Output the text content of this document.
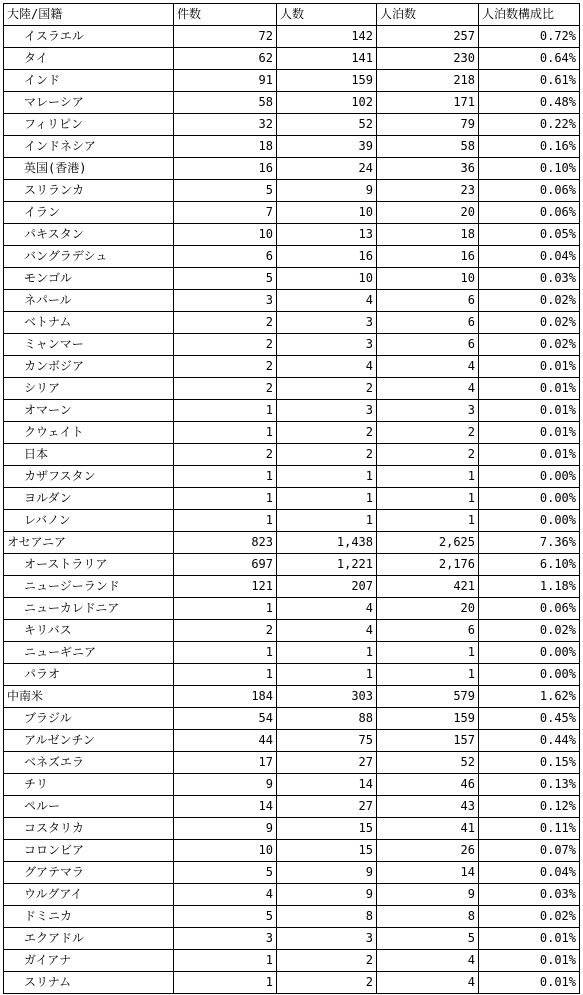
大陸/国籍	件数	人数	人泊数	人泊数構成比
イスラエル	72	142	257	0.72%
タイ	62	141	230	0.64%
インド	91	159	218	0.61%
マレーシア	58	102	171	0.48%
フィリピン	32	52	79	0.22%
インドネシア	18	39	58	0.16%
英国(香港)	16	24	36	0.10%
スリランカ	5	9	23	0.06%
イラン	7	10	20	0.06%
パキスタン	10	13	18	0.05%
バングラデシュ	6	16	16	0.04%
モンゴル	5	10	10	0.03%
ネパール	3	4	6	0.02%
ベトナム	2	3	6	0.02%
ミャンマー	2	3	6	0.02%
カンボジア	2	4	4	0.01%
シリア	2	2	4	0.01%
オマーン	1	3	3	0.01%
クウェイト	1	2	2	0.01%
日本	2	2	2	0.01%
カザフスタン	1	1	1	0.00%
ヨルダン	1	1	1	0.00%
レバノン	1	1	1	0.00%
オセアニア	823	1,438	2,625	7.36%
オーストラリア	697	1,221	2,176	6.10%
ニュージーランド	121	207	421	1.18%
ニューカレドニア	1	4	20	0.06%
キリバス	2	4	6	0.02%
ニューギニア	1	1	1	0.00%
パラオ	1	1	1	0.00%
中南米	184	303	579	1.62%
ブラジル	54	88	159	0.45%
アルゼンチン	44	75	157	0.44%
ベネズエラ	17	27	52	0.15%
チリ	9	14	46	0.13%
ペルー	14	27	43	0.12%
コスタリカ	9	15	41	0.11%
コロンビア	10	15	26	0.07%
グアテマラ	5	9	14	0.04%
ウルグアイ	4	9	9	0.03%
ドミニカ	5	8	8	0.02%
エクアドル	3	3	5	0.01%
ガイアナ	1	2	4	0.01%
スリナム	1	2	4	0.01%
